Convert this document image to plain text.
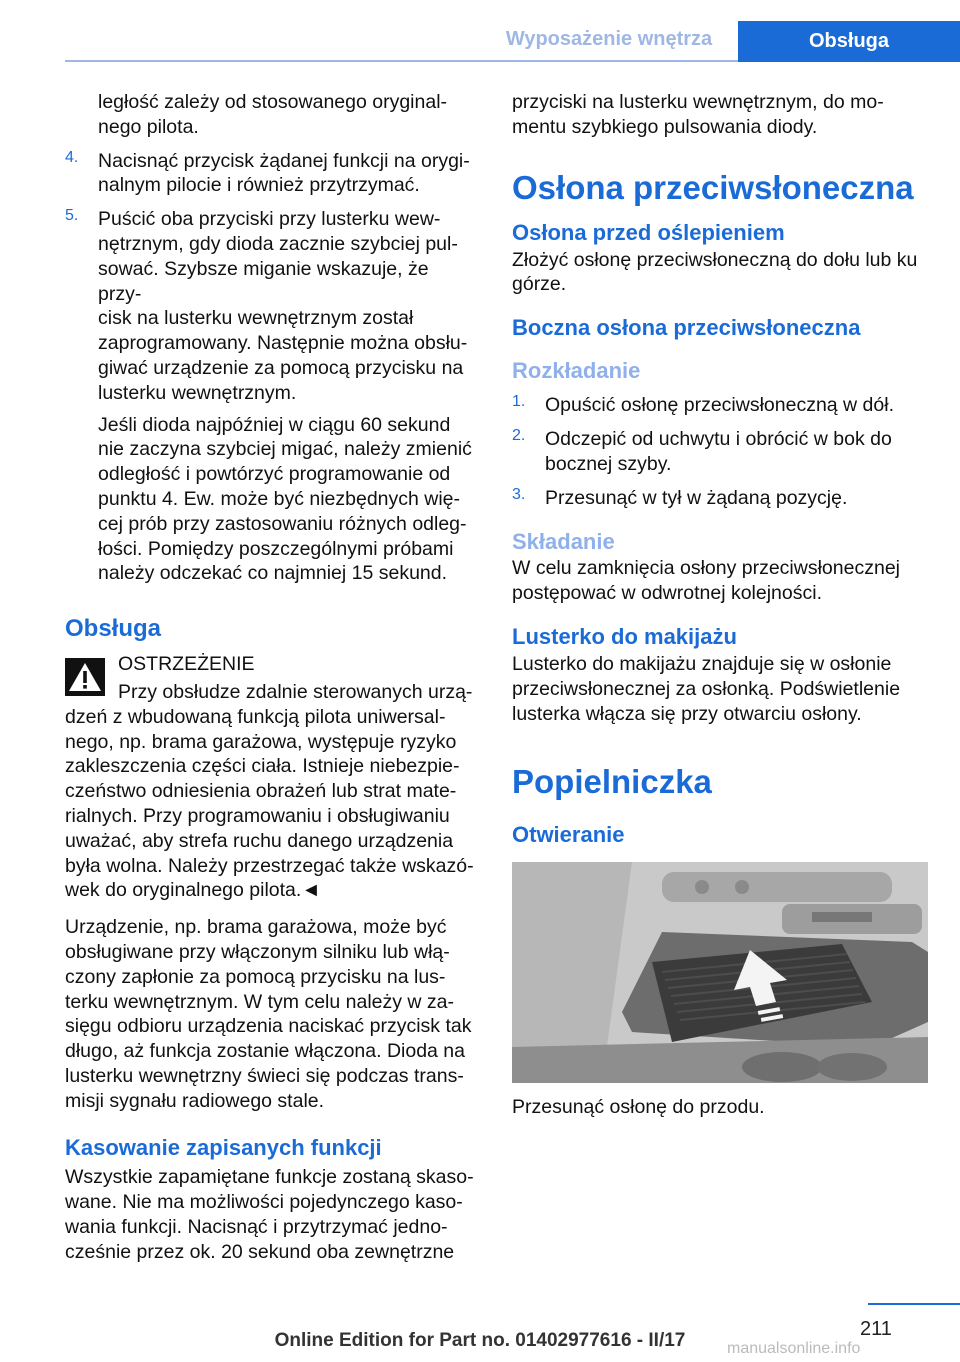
Wyposażenie wnętrza	Obsługa

ległość zależy od stosowanego oryginal‐
nego pilota.

4. Nacisnąć przycisk żądanej funkcji na orygi‐
nalnym pilocie i również przytrzymać.

5. Puścić oba przyciski przy lusterku wew‐
nętrznym, gdy dioda zacznie szybciej pul‐
sować. Szybsze miganie wskazuje, że przy‐
cisk na lusterku wewnętrznym został
zaprogramowany. Następnie można obsłu‐
giwać urządzenie za pomocą przycisku na
lusterku wewnętrznym.

Jeśli dioda najpóźniej w ciągu 60 sekund
nie zaczyna szybciej migać, należy zmienić
odległość i powtórzyć programowanie od
punktu 4. Ew. może być niezbędnych wię‐
cej prób przy zastosowaniu różnych odleg‐
łości. Pomiędzy poszczególnymi próbami
należy odczekać co najmniej 15 sekund.

Obsługa

OSTRZEŻENIE

Przy obsłudze zdalnie sterowanych urzą‐

dzeń z wbudowaną funkcją pilota uniwersal‐
nego, np. brama garażowa, występuje ryzyko
zakleszczenia części ciała. Istnieje niebezpie‐
czeństwo odniesienia obrażeń lub strat mate‐
rialnych. Przy programowaniu i obsługiwaniu
uważać, aby strefa ruchu danego urządzenia
była wolna. Należy przestrzegać także wskazó‐
wek do oryginalnego pilota.◄

Urządzenie, np. brama garażowa, może być
obsługiwane przy włączonym silniku lub włą‐
czony zapłonie za pomocą przycisku na lus‐
terku wewnętrznym. W tym celu należy w za‐
sięgu odbioru urządzenia naciskać przycisk tak
długo, aż funkcja zostanie włączona. Dioda na
lusterku wewnętrzny świeci się podczas trans‐
misji sygnału radiowego stale.

Kasowanie zapisanych funkcji

Wszystkie zapamiętane funkcje zostaną skaso‐
wane. Nie ma możliwości pojedynczego kaso‐
wania funkcji. Nacisnąć i przytrzymać jedno‐
cześnie przez ok. 20 sekund oba zewnętrzne

przyciski na lusterku wewnętrznym, do mo‐
mentu szybkiego pulsowania diody.

Osłona przeciwsłoneczna
Osłona przed oślepieniem

Złożyć osłonę przeciwsłoneczną do dołu lub ku
górze.

Boczna osłona przeciwsłoneczna
Rozkładanie
1. Opuścić osłonę przeciwsłoneczną w dół.

2. Odczepić od uchwytu i obrócić w bok do
bocznej szyby.

3. Przesunąć w tył w żądaną pozycję.

Składanie

W celu zamknięcia osłony przeciwsłonecznej
postępować w odwrotnej kolejności.

Lusterko do makijażu

Lusterko do makijażu znajduje się w osłonie
przeciwsłonecznej za osłonką. Podświetlenie
lusterka włącza się przy otwarciu osłony.

Popielniczka
Otwieranie

Przesunąć osłonę do przodu.

211
manualsonline.info
Online Edition for Part no. 01402977616 - II/17
